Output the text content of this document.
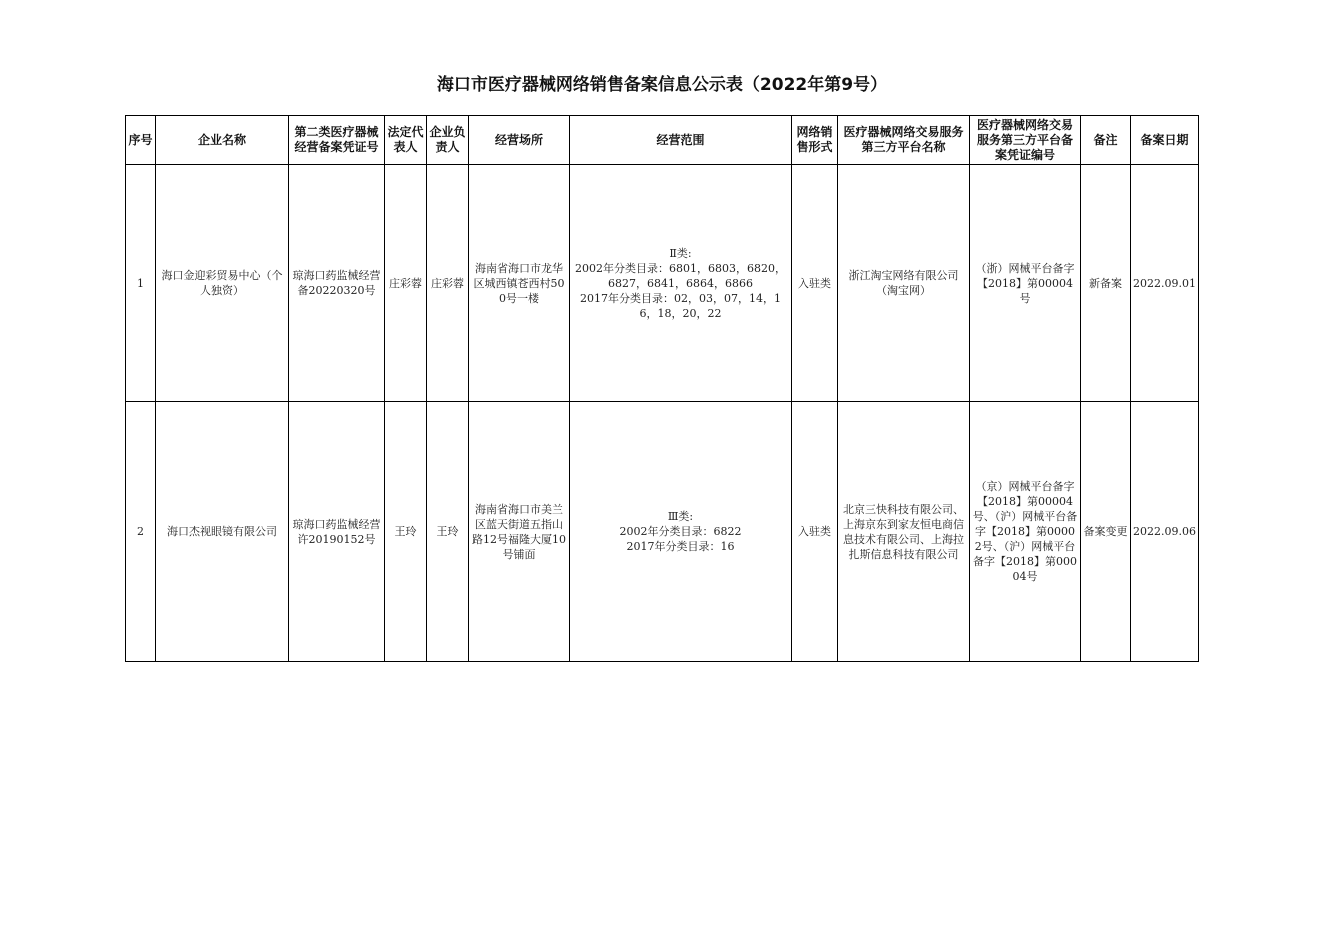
海口市医疗器械网络销售备案信息公示表（2022年第9号）
序号	企业名称	第二类医疗器械经营备案凭证号	法定代表人	企业负责人	经营场所	经营范围	网络销售形式	医疗器械网络交易服务第三方平台名称	医疗器械网络交易服务第三方平台备案凭证编号	备注	备案日期
1	海口金迎彩贸易中心（个人独资）	琼海口药监械经营备20220320号	庄彩蓉	庄彩蓉	海南省海口市龙华区城西镇苍西村500号一楼	Ⅱ类:
2002年分类目录：6801，6803，6820，6827，6841，6864，6866
2017年分类目录：02，03，07，14，16，18，20，22	入驻类	浙江淘宝网络有限公司（淘宝网）	（浙）网械平台备字【2018】第00004号	新备案	2022.09.01
2	海口杰视眼镜有限公司	琼海口药监械经营许20190152号	王玲	王玲	海南省海口市美兰区蓝天街道五指山路12号福隆大厦10号铺面	Ⅲ类:
2002年分类目录：6822
2017年分类目录：16	入驻类	北京三快科技有限公司、上海京东到家友恒电商信息技术有限公司、上海拉扎斯信息科技有限公司	（京）网械平台备字【2018】第00004号、（沪）网械平台备字【2018】第00002号、（沪）网械平台备字【2018】第00004号	备案变更	2022.09.06
